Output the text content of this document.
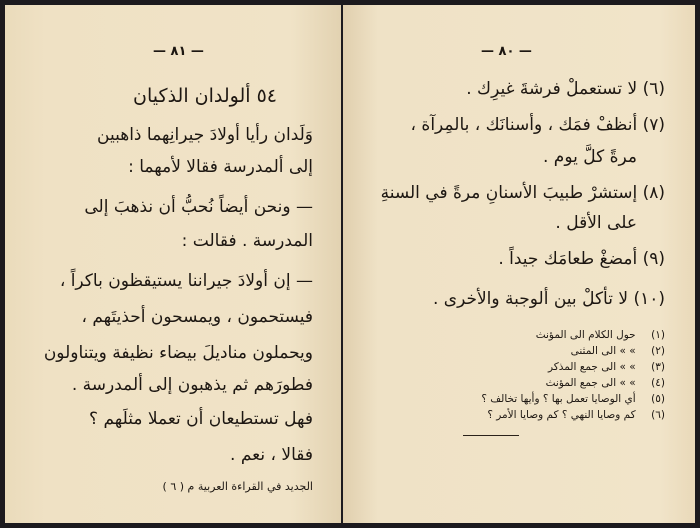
— ٨١ —
٥٤ ألولدان الذكيان
وَلَدان رأيا أولادَ جيرانِهما ذاهبين
إلى ألمدرسة فقالا لأمهما :
— ونحن أيضاً نُحبُّ أن نذهبَ إلى
المدرسة . فقالت :
— إن أولادَ جيراننا يستيقظون باكراً ،
فيستحمون ، ويمسحون أحذيتَهم ،
ويحملون مناديلَ بيضاء نظيفة ويتناولون
فطورَهم ثم يذهبون إلى ألمدرسة .
فهل تستطيعان أن تعملا مثلَهم ؟
فقالا ، نعم .
الجديد في القراءة العربية م ( ٦ )
— ٨٠ —
(٦) لا تستعملْ فرشةَ غيرِك .
(٧) أنظفْ فمَك ، وأسنانَك ، بالمِرآة ،
مرةً كلَّ يوم .
(٨) إستشرْ طبيبَ الأسنانِ مرةً في السنةِ
على الأقل .
(٩) أمضغْ طعامَك جيداً .
(١٠) لا تأكلْ بين ألوجبة والأخرى .
(١) حول الكلام الى المؤنث
(٢) » » الى المثنى
(٣) » » الى جمع المذكر
(٤) » » الى جمع المؤنث
(٥) أي الوصايا تعمل بها ؟ وأيها تخالف ؟
(٦) كم وصايا النهي ؟ كم وصايا الأمر ؟
